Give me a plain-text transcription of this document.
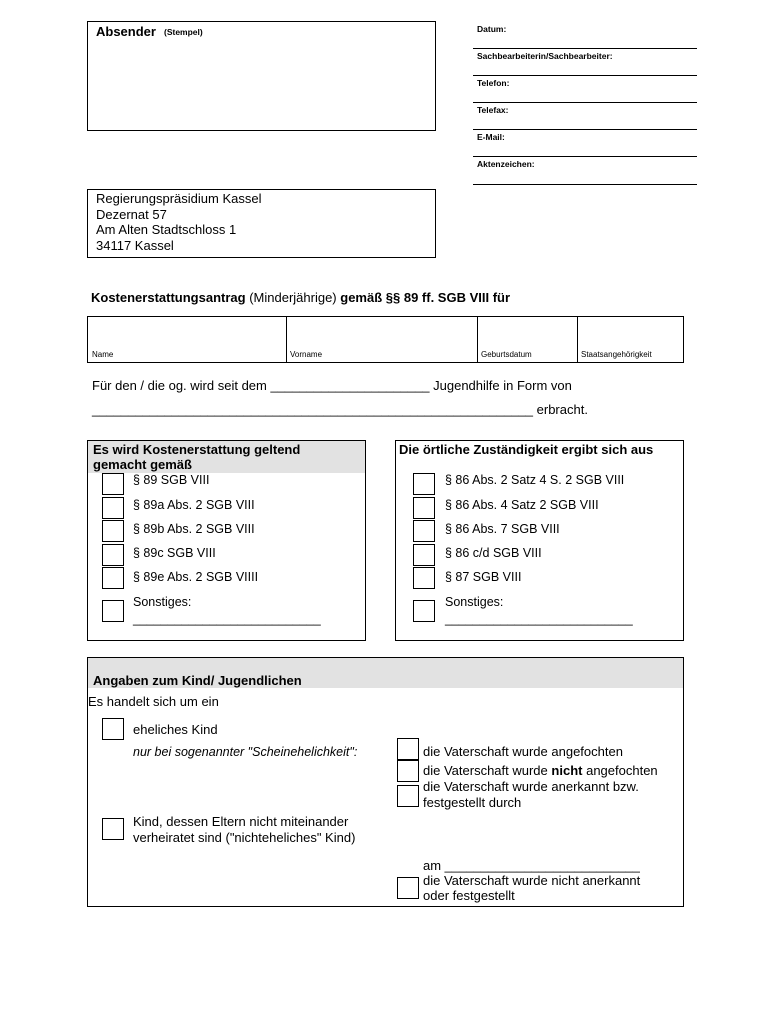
Absender (Stempel)	Datum:
Sachbearbeiterin/Sachbearbeiter:
Telefon:
Telefax:
E-Mail:
Aktenzeichen:
Regierungspräsidium Kassel
Dezernat 57
Am Alten Stadtschloss 1
34117 Kassel
Kostenerstattungsantrag (Minderjährige) gemäß §§ 89 ff. SGB VIII für
Name	Vorname	Geburtsdatum	Staatsangehörigkeit
Für den / die og. wird seit dem ______________________ Jugendhilfe in Form von
_____________________________________________________________ erbracht.
Es wird Kostenerstattung geltend gemacht gemäß
§ 89 SGB VIII
§ 89a Abs. 2 SGB VIII
§ 89b Abs. 2 SGB VIII
§ 89c SGB VIII
§ 89e Abs. 2 SGB VIIII
Sonstiges:
___________________________
Die örtliche Zuständigkeit ergibt sich aus
§ 86 Abs. 2 Satz 4 S. 2 SGB VIII
§ 86 Abs. 4 Satz 2 SGB VIII
§ 86 Abs. 7 SGB VIII
§ 86 c/d SGB VIII
§ 87 SGB VIII
Sonstiges:
___________________________
Angaben zum Kind/ Jugendlichen
Es handelt sich um ein
eheliches Kind
nur bei sogenannter "Scheinehelichkeit":	die Vaterschaft wurde angefochten
die Vaterschaft wurde nicht angefochten
die Vaterschaft wurde anerkannt bzw.
festgestellt durch
Kind, dessen Eltern nicht miteinander
verheiratet sind ("nichteheliches" Kind)
am ___________________________
die Vaterschaft wurde nicht anerkannt
oder festgestellt
